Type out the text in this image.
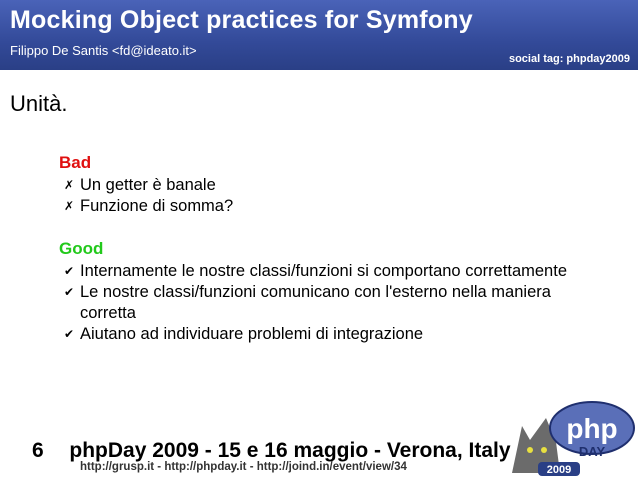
Mocking Object practices for Symfony
Filippo De Santis <fd@ideato.it>
social tag: phpday2009
Unità.
Bad
✗ Un getter è banale
✗ Funzione di somma?
Good
✔ Internamente le nostre classi/funzioni si comportano correttamente
✔ Le nostre classi/funzioni comunicano con l'esterno nella maniera corretta
✔ Aiutano ad individuare problemi di integrazione
6 phpDay 2009 - 15 e 16 maggio - Verona, Italy
http://grusp.it - http://phpday.it - http://joind.in/event/view/34
php
DAY
2009
